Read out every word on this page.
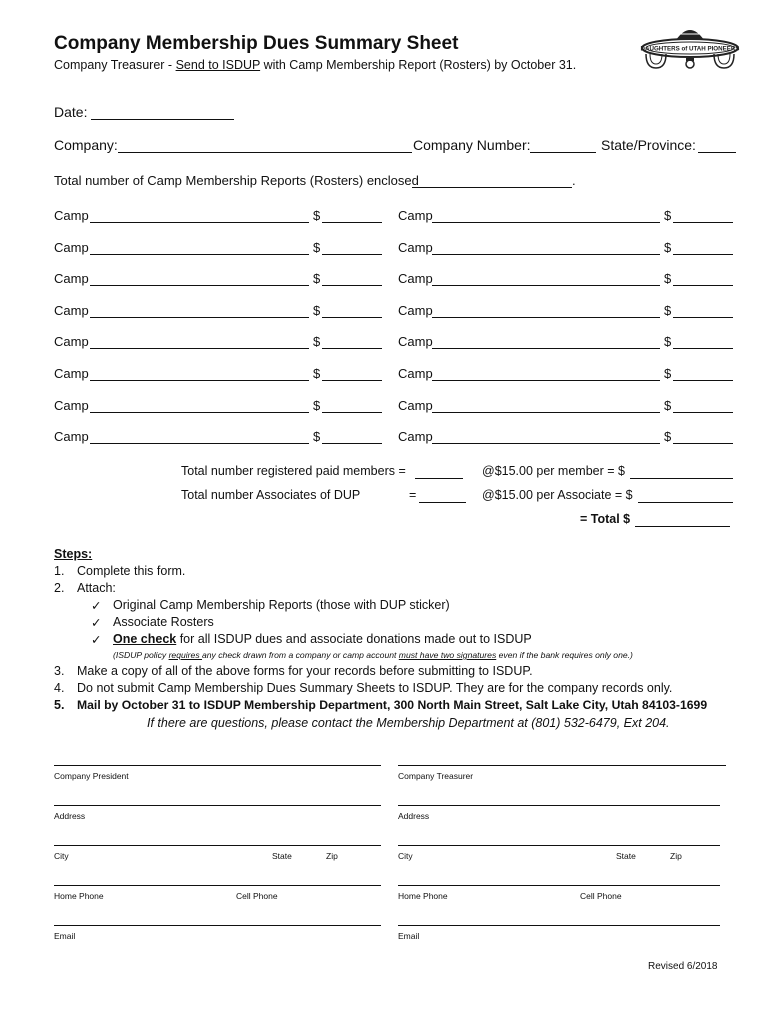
Company Membership Dues Summary Sheet
Company Treasurer - Send to ISDUP with Camp Membership Report (Rosters) by October 31.
DAUGHTERS of UTAH PIONEERS
Date:
Company:	Company Number:	State/Province:
Total number of Camp Membership Reports (Rosters) enclosed	.
Camp	$	Camp	$
Camp	$	Camp	$
Camp	$	Camp	$
Camp	$	Camp	$
Camp	$	Camp	$
Camp	$	Camp	$
Camp	$	Camp	$
Camp	$	Camp	$
Total number registered paid members =	@$15.00 per member = $
Total number Associates of DUP	=	@$15.00 per Associate = $
= Total $
Steps:
1. Complete this form.
2. Attach:
✓ Original Camp Membership Reports (those with DUP sticker)
✓ Associate Rosters
✓ One check for all ISDUP dues and associate donations made out to ISDUP
(ISDUP policy requires any check drawn from a company or camp account must have two signatures even if the bank requires only one.)
3. Make a copy of all of the above forms for your records before submitting to ISDUP.
4. Do not submit Camp Membership Dues Summary Sheets to ISDUP. They are for the company records only.
5. Mail by October 31 to ISDUP Membership Department, 300 North Main Street, Salt Lake City, Utah 84103-1699
If there are questions, please contact the Membership Department at (801) 532-6479, Ext 204.
Company President	Company Treasurer
Address	Address
City	State	Zip	City	State	Zip
Home Phone	Cell Phone	Home Phone	Cell Phone
Email	Email
Revised 6/2018
